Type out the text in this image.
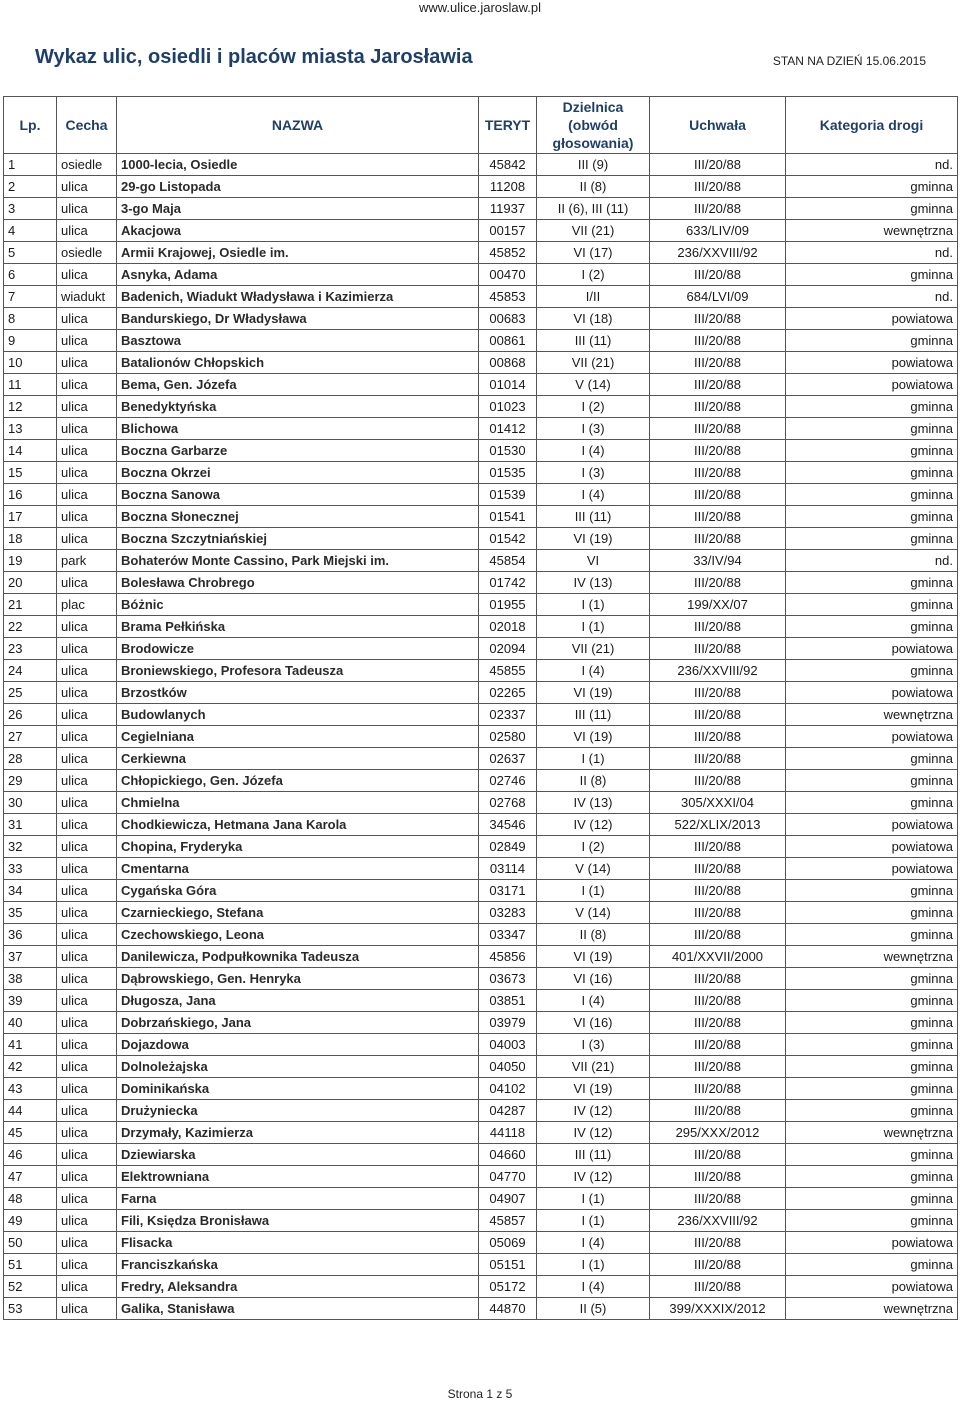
www.ulice.jaroslaw.pl
Wykaz ulic, osiedli i placów miasta Jarosławia	STAN NA DZIEŃ 15.06.2015
Lp.	Cecha	NAZWA	TERYT	Dzielnica (obwód głosowania)	Uchwała	Kategoria drogi
1	osiedle	1000-lecia, Osiedle	45842	III (9)	III/20/88	nd.
2	ulica	29-go Listopada	11208	II (8)	III/20/88	gminna
3	ulica	3-go Maja	11937	II (6), III (11)	III/20/88	gminna
4	ulica	Akacjowa	00157	VII (21)	633/LIV/09	wewnętrzna
5	osiedle	Armii Krajowej, Osiedle im.	45852	VI (17)	236/XXVIII/92	nd.
6	ulica	Asnyka, Adama	00470	I (2)	III/20/88	gminna
7	wiadukt	Badenich, Wiadukt Władysława i Kazimierza	45853	I/II	684/LVI/09	nd.
8	ulica	Bandurskiego, Dr Władysława	00683	VI (18)	III/20/88	powiatowa
9	ulica	Basztowa	00861	III (11)	III/20/88	gminna
10	ulica	Batalionów Chłopskich	00868	VII (21)	III/20/88	powiatowa
11	ulica	Bema, Gen. Józefa	01014	V (14)	III/20/88	powiatowa
12	ulica	Benedyktyńska	01023	I (2)	III/20/88	gminna
13	ulica	Blichowa	01412	I (3)	III/20/88	gminna
14	ulica	Boczna Garbarze	01530	I (4)	III/20/88	gminna
15	ulica	Boczna Okrzei	01535	I (3)	III/20/88	gminna
16	ulica	Boczna Sanowa	01539	I (4)	III/20/88	gminna
17	ulica	Boczna Słonecznej	01541	III (11)	III/20/88	gminna
18	ulica	Boczna Szczytniańskiej	01542	VI (19)	III/20/88	gminna
19	park	Bohaterów Monte Cassino, Park Miejski im.	45854	VI	33/IV/94	nd.
20	ulica	Bolesława Chrobrego	01742	IV (13)	III/20/88	gminna
21	plac	Bóżnic	01955	I (1)	199/XX/07	gminna
22	ulica	Brama Pełkińska	02018	I (1)	III/20/88	gminna
23	ulica	Brodowicze	02094	VII (21)	III/20/88	powiatowa
24	ulica	Broniewskiego, Profesora Tadeusza	45855	I (4)	236/XXVIII/92	gminna
25	ulica	Brzostków	02265	VI (19)	III/20/88	powiatowa
26	ulica	Budowlanych	02337	III (11)	III/20/88	wewnętrzna
27	ulica	Cegielniana	02580	VI (19)	III/20/88	powiatowa
28	ulica	Cerkiewna	02637	I (1)	III/20/88	gminna
29	ulica	Chłopickiego, Gen. Józefa	02746	II (8)	III/20/88	gminna
30	ulica	Chmielna	02768	IV (13)	305/XXXI/04	gminna
31	ulica	Chodkiewicza, Hetmana Jana Karola	34546	IV (12)	522/XLIX/2013	powiatowa
32	ulica	Chopina, Fryderyka	02849	I (2)	III/20/88	powiatowa
33	ulica	Cmentarna	03114	V (14)	III/20/88	powiatowa
34	ulica	Cygańska Góra	03171	I (1)	III/20/88	gminna
35	ulica	Czarnieckiego, Stefana	03283	V (14)	III/20/88	gminna
36	ulica	Czechowskiego, Leona	03347	II (8)	III/20/88	gminna
37	ulica	Danilewicza, Podpułkownika Tadeusza	45856	VI (19)	401/XXVII/2000	wewnętrzna
38	ulica	Dąbrowskiego, Gen. Henryka	03673	VI (16)	III/20/88	gminna
39	ulica	Długosza, Jana	03851	I (4)	III/20/88	gminna
40	ulica	Dobrzańskiego, Jana	03979	VI (16)	III/20/88	gminna
41	ulica	Dojazdowa	04003	I (3)	III/20/88	gminna
42	ulica	Dolnoleżajska	04050	VII (21)	III/20/88	gminna
43	ulica	Dominikańska	04102	VI (19)	III/20/88	gminna
44	ulica	Drużyniecka	04287	IV (12)	III/20/88	gminna
45	ulica	Drzymały, Kazimierza	44118	IV (12)	295/XXX/2012	wewnętrzna
46	ulica	Dziewiarska	04660	III (11)	III/20/88	gminna
47	ulica	Elektrowniana	04770	IV (12)	III/20/88	gminna
48	ulica	Farna	04907	I (1)	III/20/88	gminna
49	ulica	Fili, Księdza Bronisława	45857	I (1)	236/XXVIII/92	gminna
50	ulica	Flisacka	05069	I (4)	III/20/88	powiatowa
51	ulica	Franciszkańska	05151	I (1)	III/20/88	gminna
52	ulica	Fredry, Aleksandra	05172	I (4)	III/20/88	powiatowa
53	ulica	Galika, Stanisława	44870	II (5)	399/XXXIX/2012	wewnętrzna
Strona 1 z 5
